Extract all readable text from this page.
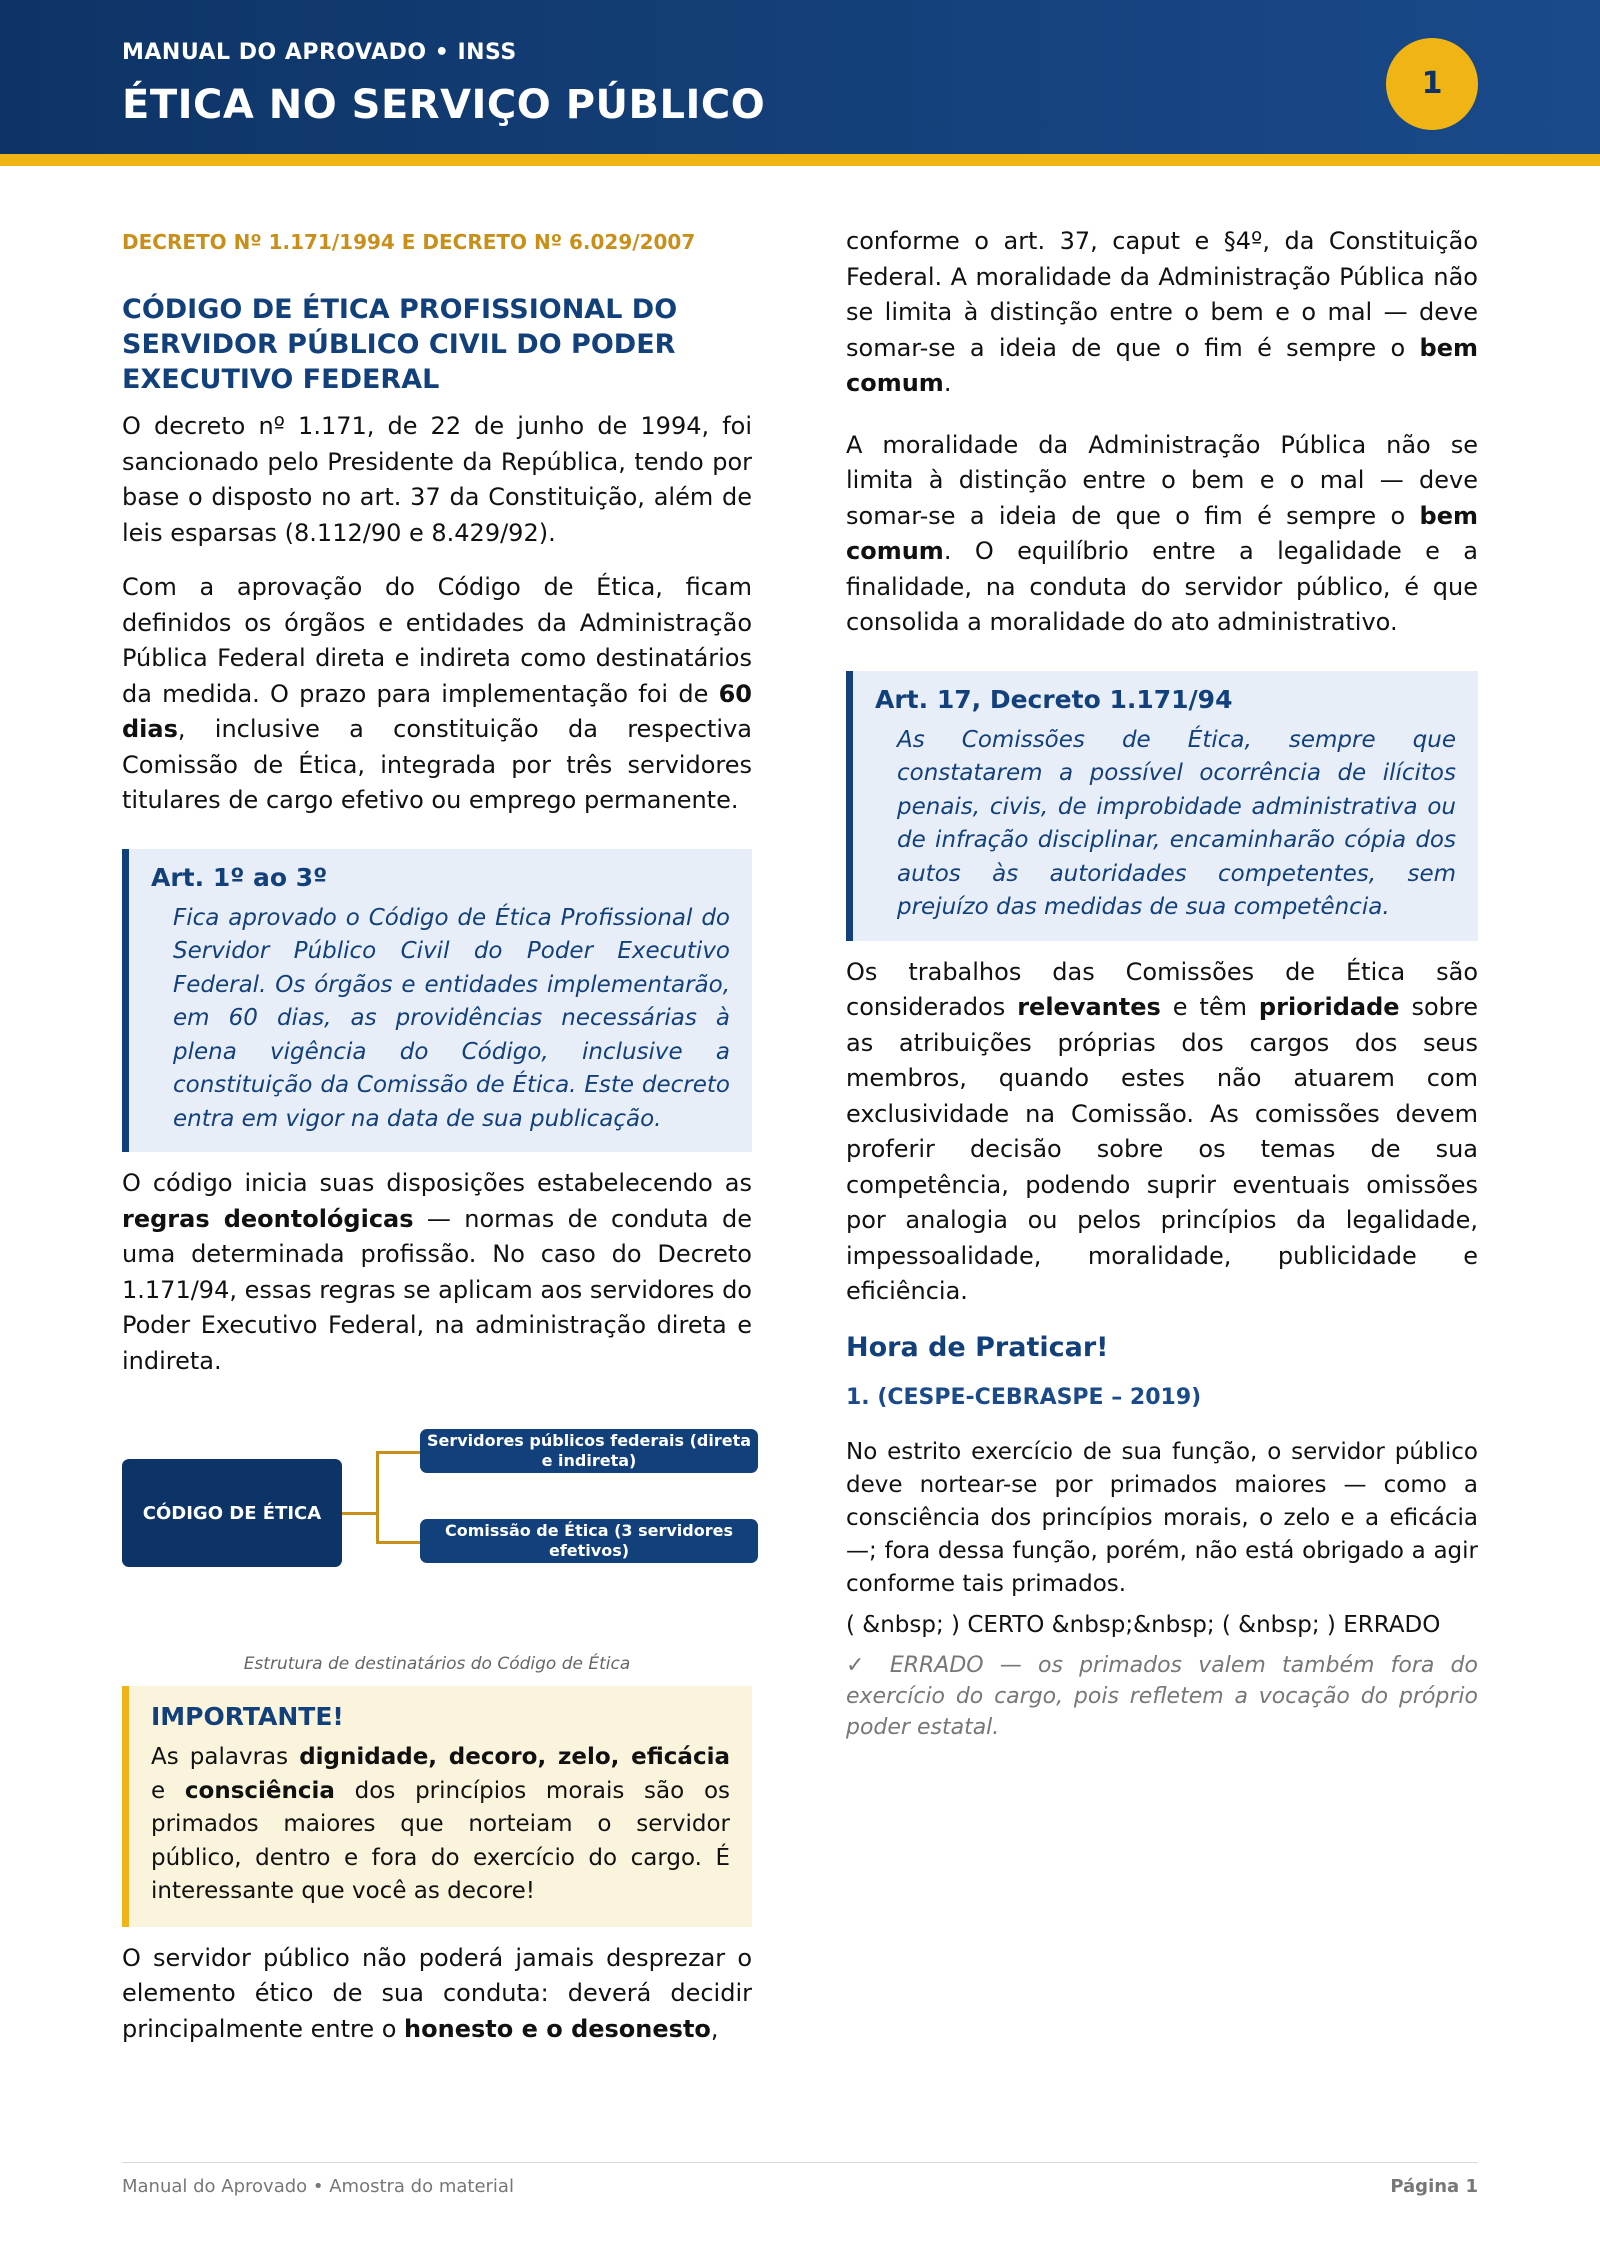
MANUAL DO APROVADO • INSS
ÉTICA NO SERVIÇO PÚBLICO	1
DECRETO Nº 1.171/1994 E DECRETO Nº 6.029/2007
CÓDIGO DE ÉTICA PROFISSIONAL DO SERVIDOR PÚBLICO CIVIL DO PODER EXECUTIVO FEDERAL

O decreto nº 1.171, de 22 de junho de 1994, foi sancionado pelo Presidente da República, tendo por base o disposto no art. 37 da Constituição, além de leis esparsas (8.112/90 e 8.429/92).

Com a aprovação do Código de Ética, ficam definidos os órgãos e entidades da Administração Pública Federal direta e indireta como destinatários da medida. O prazo para implementação foi de 60 dias, inclusive a constituição da respectiva Comissão de Ética, integrada por três servidores titulares de cargo efetivo ou emprego permanente.

Art. 1º ao 3º
Fica aprovado o Código de Ética Profissional do Servidor Público Civil do Poder Executivo Federal. Os órgãos e entidades implementarão, em 60 dias, as providências necessárias à plena vigência do Código, inclusive a constituição da Comissão de Ética. Este decreto entra em vigor na data de sua publicação.

O código inicia suas disposições estabelecendo as regras deontológicas — normas de conduta de uma determinada profissão. No caso do Decreto 1.171/94, essas regras se aplicam aos servidores do Poder Executivo Federal, na administração direta e indireta.

CÓDIGO DE ÉTICA
Servidores públicos federais (direta e indireta)
Comissão de Ética (3 servidores efetivos)
Estrutura de destinatários do Código de Ética
IMPORTANTE!
As palavras dignidade, decoro, zelo, eficácia e consciência dos princípios morais são os primados maiores que norteiam o servidor público, dentro e fora do exercício do cargo. É interessante que você as decore!

O servidor público não poderá jamais desprezar o elemento ético de sua conduta: deverá decidir principalmente entre o honesto e o desonesto,

conforme o art. 37, caput e §4º, da Constituição Federal. A moralidade da Administração Pública não se limita à distinção entre o bem e o mal — deve somar-se a ideia de que o fim é sempre o bem comum.

A moralidade da Administração Pública não se limita à distinção entre o bem e o mal — deve somar-se a ideia de que o fim é sempre o bem comum. O equilíbrio entre a legalidade e a finalidade, na conduta do servidor público, é que consolida a moralidade do ato administrativo.

Art. 17, Decreto 1.171/94
As Comissões de Ética, sempre que constatarem a possível ocorrência de ilícitos penais, civis, de improbidade administrativa ou de infração disciplinar, encaminharão cópia dos autos às autoridades competentes, sem prejuízo das medidas de sua competência.

Os trabalhos das Comissões de Ética são considerados relevantes e têm prioridade sobre as atribuições próprias dos cargos dos seus membros, quando estes não atuarem com exclusividade na Comissão. As comissões devem proferir decisão sobre os temas de sua competência, podendo suprir eventuais omissões por analogia ou pelos princípios da legalidade, impessoalidade, moralidade, publicidade e eficiência.

Hora de Praticar!
1. (CESPE-CEBRASPE – 2019)
No estrito exercício de sua função, o servidor público deve nortear-se por primados maiores — como a consciência dos princípios morais, o zelo e a eficácia —; fora dessa função, porém, não está obrigado a agir conforme tais primados.
( &nbsp; ) CERTO &nbsp;&nbsp; ( &nbsp; ) ERRADO
✓ ERRADO — os primados valem também fora do exercício do cargo, pois refletem a vocação do próprio poder estatal.
Manual do Aprovado • Amostra do material	Página 1
